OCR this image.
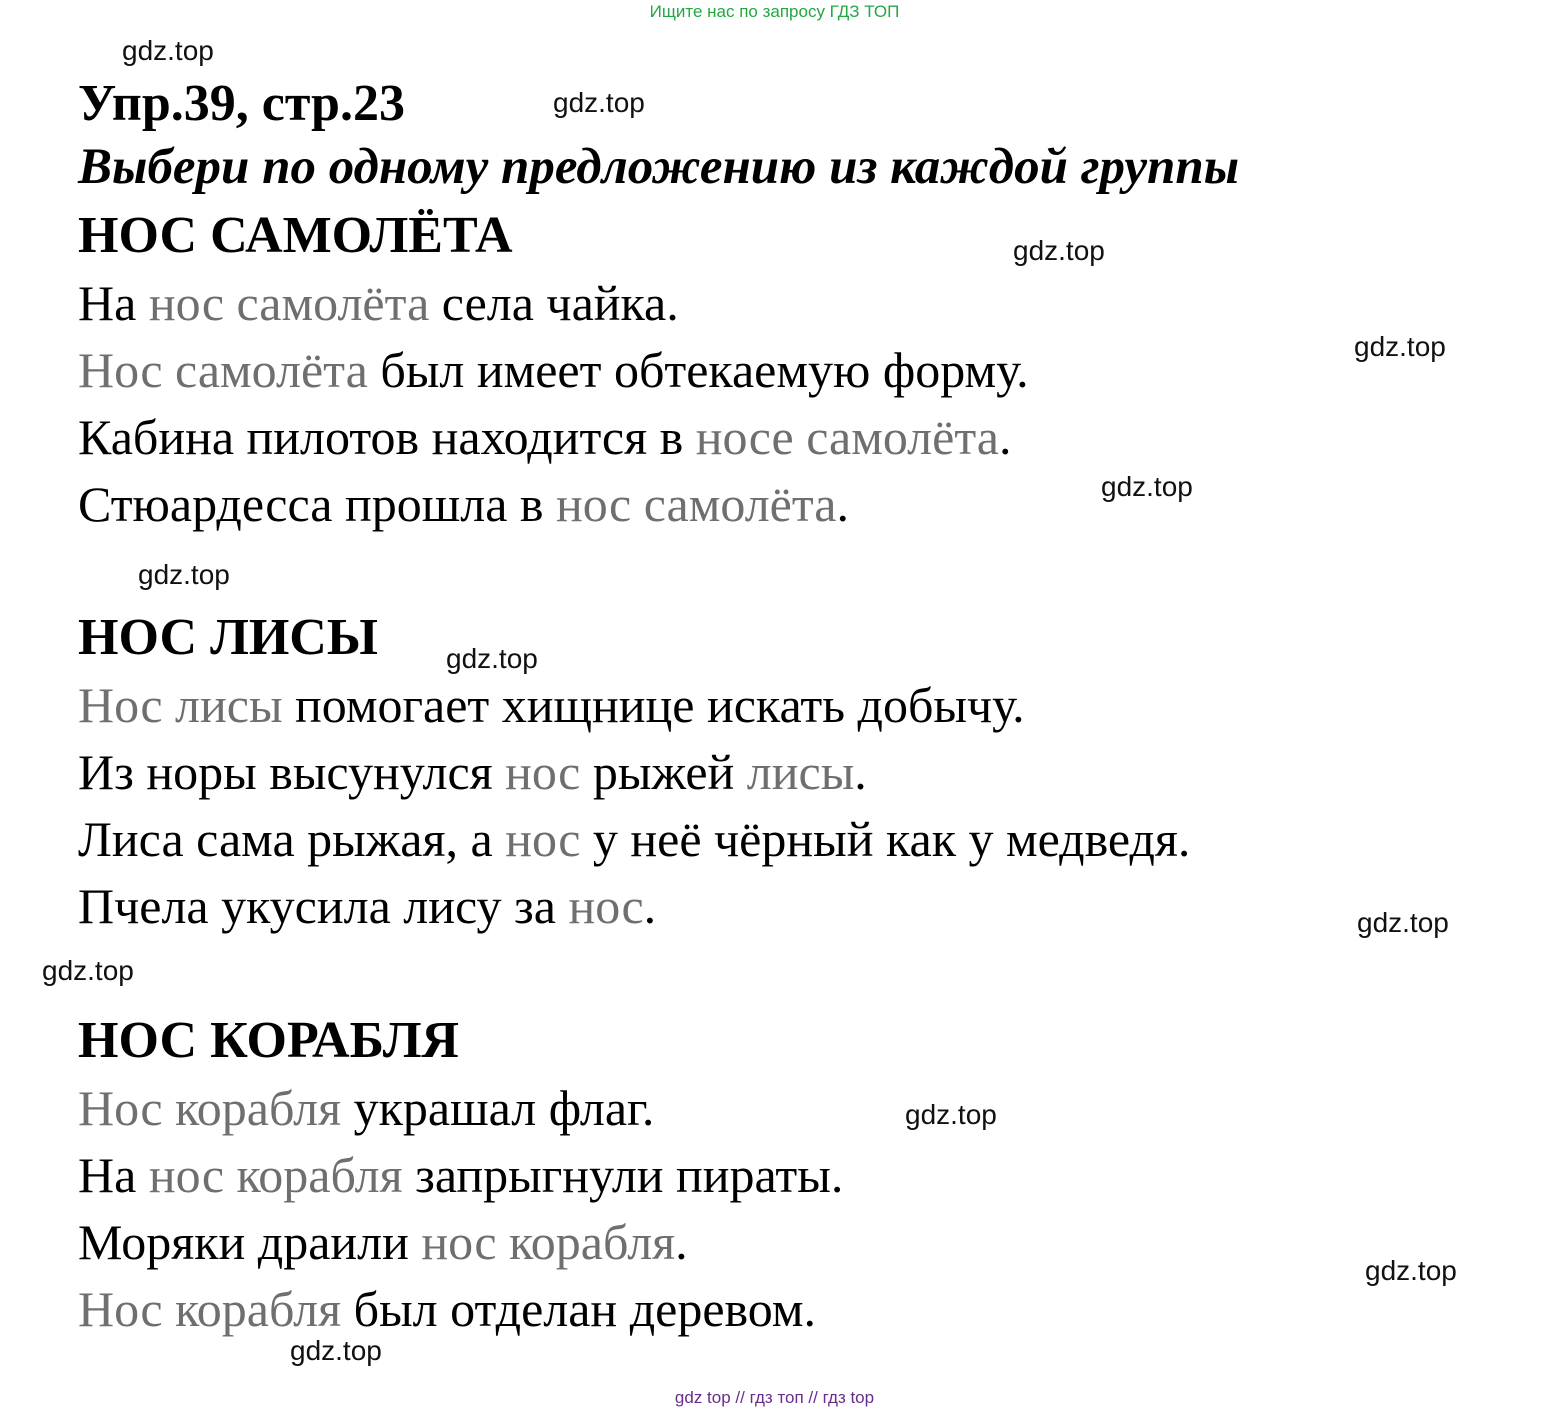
Ищите нас по запросу ГДЗ ТОП
gdz.top
gdz.top
gdz.top
gdz.top
gdz.top
gdz.top
gdz.top
gdz.top
gdz.top
gdz.top
gdz.top
gdz.top
Упр.39, стр.23
Выбери по одному предложению из каждой группы
НОС САМОЛЁТА
На нос самолёта села чайка.
Нос самолёта был имеет обтекаемую форму.
Кабина пилотов находится в носе самолёта.
Стюардесса прошла в нос самолёта.
НОС ЛИСЫ
Нос лисы помогает хищнице искать добычу.
Из норы высунулся нос рыжей лисы.
Лиса сама рыжая, а нос у неё чёрный как у медведя.
Пчела укусила лису за нос.
НОС КОРАБЛЯ
Нос корабля украшал флаг.
На нос корабля запрыгнули пираты.
Моряки драили нос корабля.
Нос корабля был отделан деревом.
gdz top // гдз топ // гдз top
